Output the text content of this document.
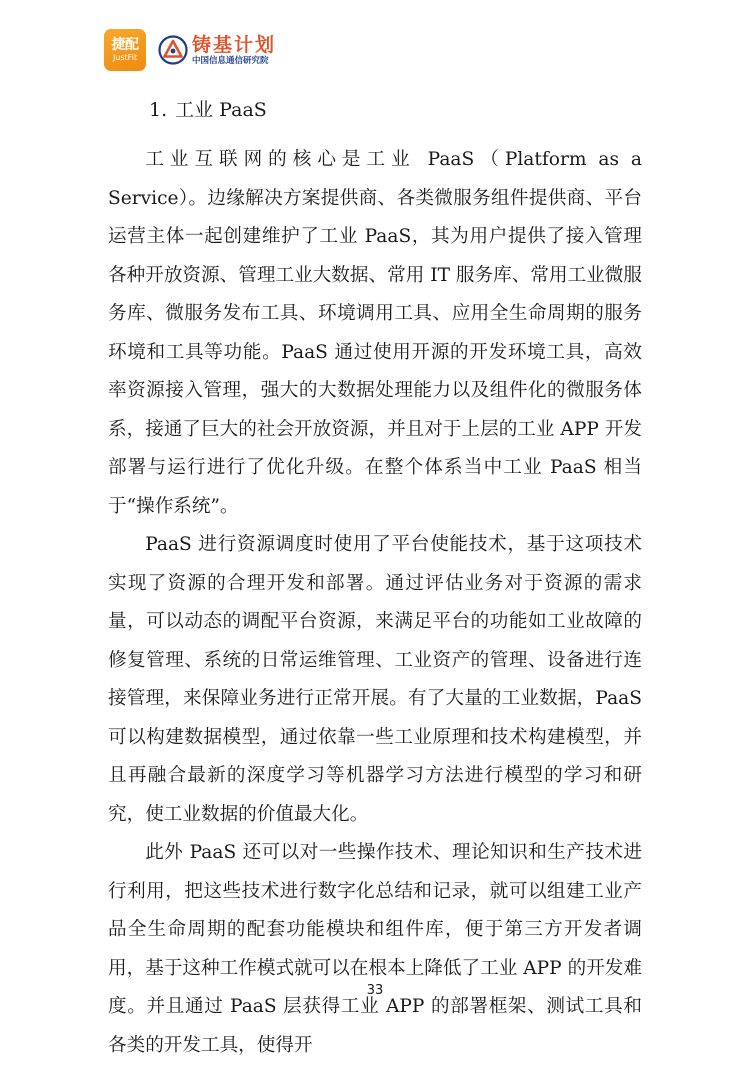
捷配
JustFit
铸基计划
中国信息通信研究院
1. 工业 PaaS

工业互联网的核心是工业 PaaS（Platform as a Service）。边缘解决方案提供商、各类微服务组件提供商、平台运营主体一起创建维护了工业 PaaS，其为用户提供了接入管理各种开放资源、管理工业大数据、常用 IT 服务库、常用工业微服务库、微服务发布工具、环境调用工具、应用全生命周期的服务环境和工具等功能。PaaS 通过使用开源的开发环境工具，高效率资源接入管理，强大的大数据处理能力以及组件化的微服务体系，接通了巨大的社会开放资源，并且对于上层的工业 APP 开发部署与运行进行了优化升级。在整个体系当中工业 PaaS 相当于“操作系统”。

PaaS 进行资源调度时使用了平台使能技术，基于这项技术实现了资源的合理开发和部署。通过评估业务对于资源的需求量，可以动态的调配平台资源，来满足平台的功能如工业故障的修复管理、系统的日常运维管理、工业资产的管理、设备进行连接管理，来保障业务进行正常开展。有了大量的工业数据，PaaS 可以构建数据模型，通过依靠一些工业原理和技术构建模型，并且再融合最新的深度学习等机器学习方法进行模型的学习和研究，使工业数据的价值最大化。

此外 PaaS 还可以对一些操作技术、理论知识和生产技术进行利用，把这些技术进行数字化总结和记录，就可以组建工业产品全生命周期的配套功能模块和组件库，便于第三方开发者调用，基于这种工作模式就可以在根本上降低了工业 APP 的开发难度。并且通过 PaaS 层获得工业 APP 的部署框架、测试工具和各类的开发工具，使得开

33
